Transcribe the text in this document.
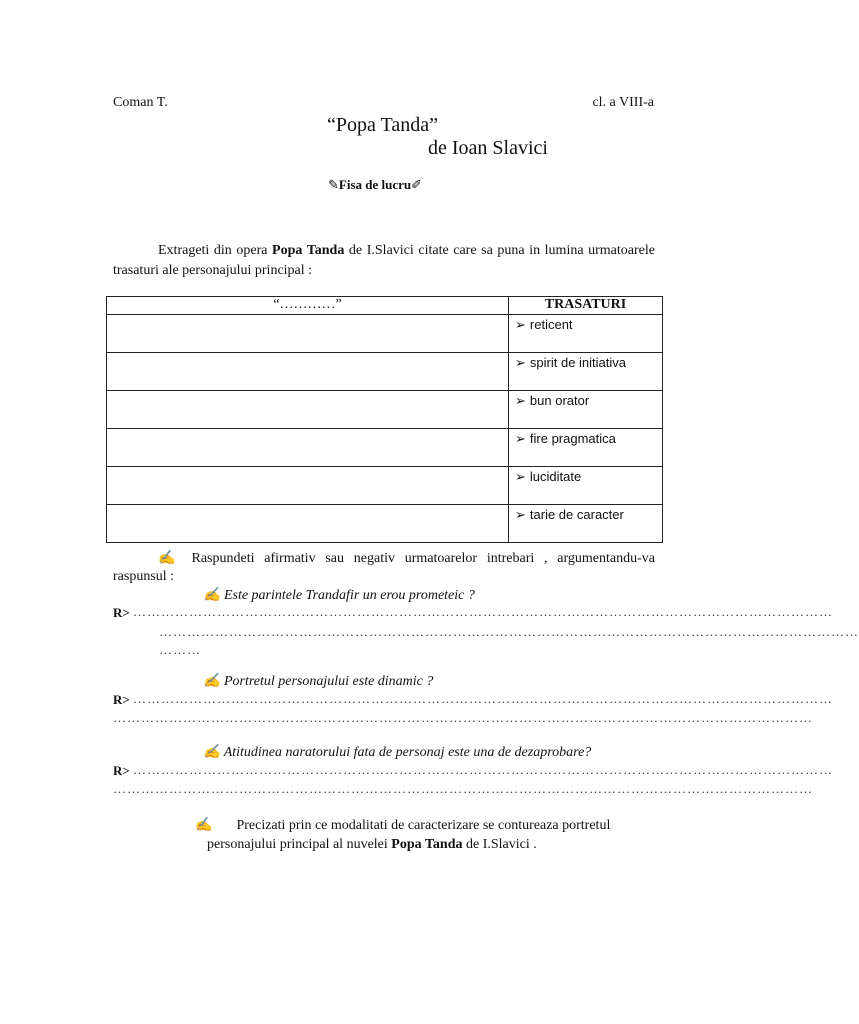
Coman T.	cl. a VIII-a
“Popa Tanda”
de Ioan Slavici
✎Fisa de lucru✐
Extrageti din opera Popa Tanda de I.Slavici citate care sa puna in lumina urmatoarele trasaturi ale personajului principal :
“…………”	TRASATURI
	➢ reticent
	➢ spirit de initiativa
	➢ bun orator
	➢ fire pragmatica
	➢ luciditate
	➢ tarie de caracter
✍ Raspundeti afirmativ sau negativ urmatoarelor intrebari , argumentandu-va raspunsul :
✍ Este parintele Trandafir un erou prometeic ?
R> ……………………………………………………………………………………………………………………………………
……………………………………………………………………………………………………………………………………
………
✍ Portretul personajului este dinamic ?
R> ……………………………………………………………………………………………………………………………………
……………………………………………………………………………………………………………………………………
✍ Atitudinea naratorului fata de personaj este una de dezaprobare?
R> ……………………………………………………………………………………………………………………………………
……………………………………………………………………………………………………………………………………
✍ Precizati prin ce modalitati de caracterizare se contureaza portretul
personajului principal al nuvelei Popa Tanda de I.Slavici .
